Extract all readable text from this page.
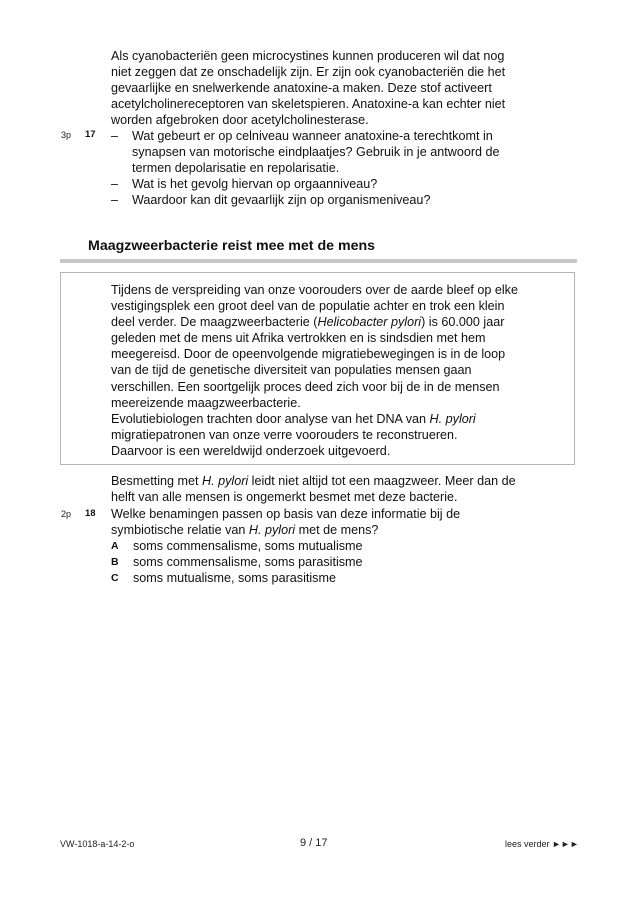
Als cyanobacteriën geen microcystines kunnen produceren wil dat nog

niet zeggen dat ze onschadelijk zijn. Er zijn ook cyanobacteriën die het

gevaarlijke en snelwerkende anatoxine-a maken. Deze stof activeert

acetylcholinereceptoren van skeletspieren. Anatoxine-a kan echter niet

worden afgebroken door acetylcholinesterase.

3p 17 – Wat gebeurt er op celniveau wanneer anatoxine-a terechtkomt in
synapsen van motorische eindplaatjes? Gebruik in je antwoord de
termen depolarisatie en repolarisatie.
– Wat is het gevolg hiervan op orgaanniveau?
– Waardoor kan dit gevaarlijk zijn op organismeniveau?
Maagzweerbacterie reist mee met de mens

Tijdens de verspreiding van onze voorouders over de aarde bleef op elke

vestigingsplek een groot deel van de populatie achter en trok een klein

deel verder. De maagzweerbacterie (Helicobacter pylori) is 60.000 jaar

geleden met de mens uit Afrika vertrokken en is sindsdien met hem

meegereisd. Door de opeenvolgende migratiebewegingen is in de loop

van de tijd de genetische diversiteit van populaties mensen gaan

verschillen. Een soortgelijk proces deed zich voor bij de in de mensen

meereizende maagzweerbacterie.

Evolutiebiologen trachten door analyse van het DNA van H. pylori

migratiepatronen van onze verre voorouders te reconstrueren.

Daarvoor is een wereldwijd onderzoek uitgevoerd.

Besmetting met H. pylori leidt niet altijd tot een maagzweer. Meer dan de

helft van alle mensen is ongemerkt besmet met deze bacterie.

2p 18 Welke benamingen passen op basis van deze informatie bij de

symbiotische relatie van H. pylori met de mens?

A soms commensalisme, soms mutualisme
B soms commensalisme, soms parasitisme
C soms mutualisme, soms parasitisme
VW-1018-a-14-2-o	9 / 17	lees verder ►►►
